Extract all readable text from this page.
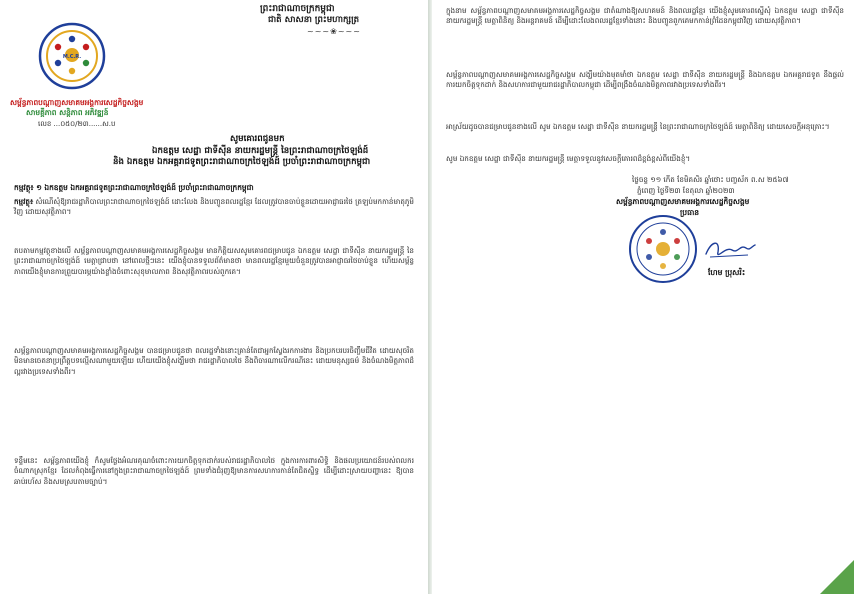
ព្រះរាជាណាចក្រកម្ពុជា
ជាតិ សាសនា ព្រះមហាក្សត្រ
~~~❀~~~
M.C.R.
សម្ព័ន្ធភាពបណ្ដាញសមាគមអង្គការសេដ្ឋកិច្ចសង្គម
សាមគ្គីភាព សន្តិភាព អភិវឌ្ឍន៍
លេខ ...០៥០/២៣......ស.ប
សូមគោរពជូនមក
ឯកឧត្ដម សេដ្ឋា ជាទីស៊ីន នាយករដ្ឋមន្ត្រី នៃព្រះរាជាណាចក្រថៃឡង់ដ៍
និង ឯកឧត្ដម ឯកអគ្គរាជទូតព្រះរាជាណាចក្រថៃឡង់ដ៍ ប្រចាំព្រះរាជាណាចក្រកម្ពុជា
កម្មវត្ថុ៖ ១ ឯកឧត្ដម ឯកអគ្គរាជទូតព្រះរាជាណាចក្រថៃឡង់ដ៍ ប្រចាំព្រះរាជាណាចក្រកម្ពុជា
កម្មវត្ថុ៖ សំណើសុំឱ្យរាជរដ្ឋាភិបាលព្រះរាជាណាចក្រថៃឡង់ដ៍ ដោះលែង និងបញ្ជូនពលរដ្ឋខ្មែរ ដែលត្រូវបានចាប់ខ្លួនដោយអាជ្ញាធរថៃ ត្រឡប់មកកាន់មាតុភូមិវិញ ដោយសុវត្ថិភាព។
តបតាមកម្មវត្ថុខាងលើ សម្ព័ន្ធភាពបណ្ដាញសមាគមអង្គការសេដ្ឋកិច្ចសង្គម មានកិត្តិយសសូមគោរពជម្រាបជូន ឯកឧត្ដម សេដ្ឋា ជាទីស៊ីន នាយករដ្ឋមន្ត្រី នៃព្រះរាជាណាចក្រថៃឡង់ដ៍ មេត្តាជ្រាបថា នៅពេលថ្មីៗនេះ យើងខ្ញុំបានទទួលព័ត៌មានថា មានពលរដ្ឋខ្មែរមួយចំនួនត្រូវបានអាជ្ញាធរថៃចាប់ខ្លួន ហើយសម្ព័ន្ធភាពយើងខ្ញុំមានការព្រួយបារម្ភយ៉ាងខ្លាំងចំពោះសុខុមាលភាព និងសុវត្ថិភាពរបស់ពួកគេ។
សម្ព័ន្ធភាពបណ្ដាញសមាគមអង្គការសេដ្ឋកិច្ចសង្គម បានជម្រាបជូនថា ពលរដ្ឋទាំងនោះគ្រាន់តែជាអ្នកស្វែងរកការងារ និងប្រកបរបរចិញ្ចឹមជីវិត ដោយសុចរិត មិនមានចេតនាប្រព្រឹត្តបទល្មើសណាមួយឡើយ ហើយយើងខ្ញុំសង្ឃឹមថា រាជរដ្ឋាភិបាលថៃ នឹងពិចារណាលើករណីនេះ ដោយមនុស្សធម៌ និងចំណងមិត្តភាពដ៏ល្អរវាងប្រទេសទាំងពីរ។
ទន្ទឹមនេះ សម្ព័ន្ធភាពយើងខ្ញុំ ក៏សូមថ្លែងអំណរគុណចំពោះការយកចិត្តទុកដាក់របស់រាជរដ្ឋាភិបាលថៃ ក្នុងការការពារសិទ្ធិ និងផលប្រយោជន៍របស់ពលករចំណាកស្រុកខ្មែរ ដែលកំពុងធ្វើការនៅក្នុងព្រះរាជាណាចក្រថៃឡង់ដ៍ ព្រមទាំងជំរុញឱ្យមានការសហការកាន់តែជិតស្និទ្ធ ដើម្បីដោះស្រាយបញ្ហានេះ ឱ្យបានឆាប់រហ័ស និងសមស្របតាមច្បាប់។
ក្នុងនាម សម្ព័ន្ធភាពបណ្ដាញសមាគមអង្គការសេដ្ឋកិច្ចសង្គម ជាតំណាងឱ្យសហគមន៍ និងពលរដ្ឋខ្មែរ យើងខ្ញុំសូមគោរពស្នើសុំ ឯកឧត្ដម សេដ្ឋា ជាទីស៊ីន នាយករដ្ឋមន្ត្រី មេត្តាពិនិត្យ និងអន្តរាគមន៍ ដើម្បីដោះលែងពលរដ្ឋខ្មែរទាំងនោះ និងបញ្ជូនពួកគេមកកាន់ព្រំដែនកម្ពុជាវិញ ដោយសុវត្ថិភាព។
សម្ព័ន្ធភាពបណ្ដាញសមាគមអង្គការសេដ្ឋកិច្ចសង្គម សង្ឃឹមយ៉ាងមុតមាំថា ឯកឧត្ដម សេដ្ឋា ជាទីស៊ីន នាយករដ្ឋមន្ត្រី និងឯកឧត្ដម ឯកអគ្គរាជទូត នឹងផ្ដល់ការយកចិត្តទុកដាក់ និងសហការជាមួយរាជរដ្ឋាភិបាលកម្ពុជា ដើម្បីពង្រឹងចំណងមិត្តភាពរវាងប្រទេសទាំងពីរ។
អាស្រ័យដូចបានជម្រាបជូនខាងលើ សូម ឯកឧត្ដម សេដ្ឋា ជាទីស៊ីន នាយករដ្ឋមន្ត្រី នៃព្រះរាជាណាចក្រថៃឡង់ដ៍ មេត្តាពិនិត្យ ដោយសេចក្ដីអនុគ្រោះ។
សូម ឯកឧត្ដម សេដ្ឋា ជាទីស៊ីន នាយករដ្ឋមន្ត្រី មេត្តាទទួលនូវសេចក្ដីគោរពដ៏ខ្ពង់ខ្ពស់ពីយើងខ្ញុំ។
ថ្ងៃចន្ទ ១១ កើត ខែមិគសិរ ឆ្នាំថោះ បញ្ចស័ក ព.ស ២៥៦៧
ភ្នំពេញ ថ្ងៃទី២៣ ខែតុលា ឆ្នាំ២០២៣
សម្ព័ន្ធភាពបណ្ដាញសមាគមអង្គការសេដ្ឋកិច្ចសង្គម
ប្រធាន
ហែម ប្រុសរិះ
